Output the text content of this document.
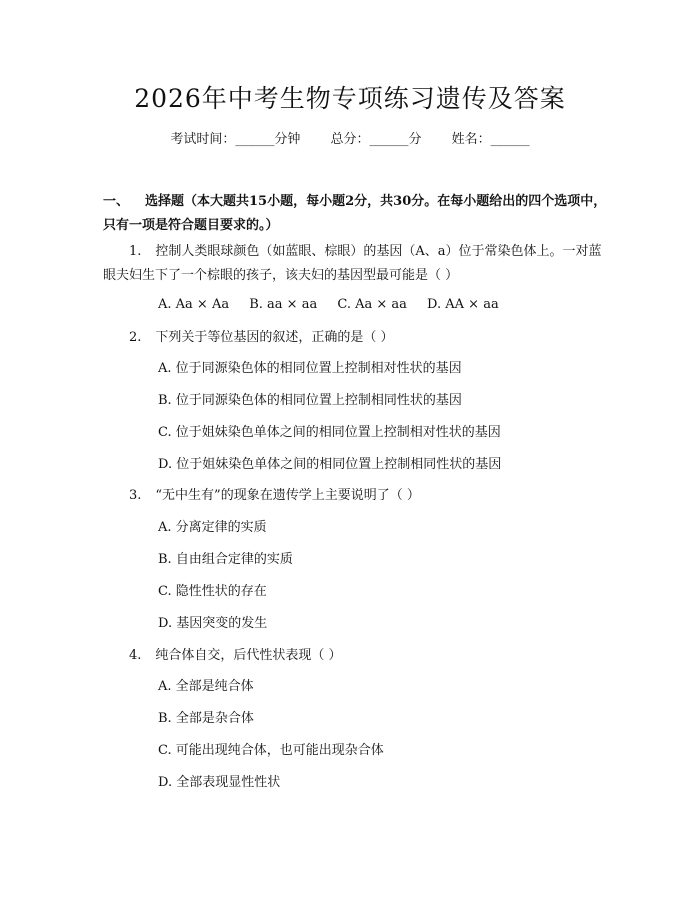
2026年中考生物专项练习遗传及答案
考试时间：______分钟 总分：______分 姓名：______
一、 选择题（本大题共15小题，每小题2分，共30分。在每小题给出的四个选项中，只有一项是符合题目要求的。）
1. 控制人类眼球颜色（如蓝眼、棕眼）的基因（A、a）位于常染色体上。一对蓝眼夫妇生下了一个棕眼的孩子，该夫妇的基因型最可能是（ ）
A. Aa × Aa B. aa × aa C. Aa × aa D. AA × aa
2. 下列关于等位基因的叙述，正确的是（ ）
A. 位于同源染色体的相同位置上控制相对性状的基因
B. 位于同源染色体的相同位置上控制相同性状的基因
C. 位于姐妹染色单体之间的相同位置上控制相对性状的基因
D. 位于姐妹染色单体之间的相同位置上控制相同性状的基因
3. “无中生有”的现象在遗传学上主要说明了（ ）
A. 分离定律的实质
B. 自由组合定律的实质
C. 隐性性状的存在
D. 基因突变的发生
4. 纯合体自交，后代性状表现（ ）
A. 全部是纯合体
B. 全部是杂合体
C. 可能出现纯合体，也可能出现杂合体
D. 全部表现显性性状
